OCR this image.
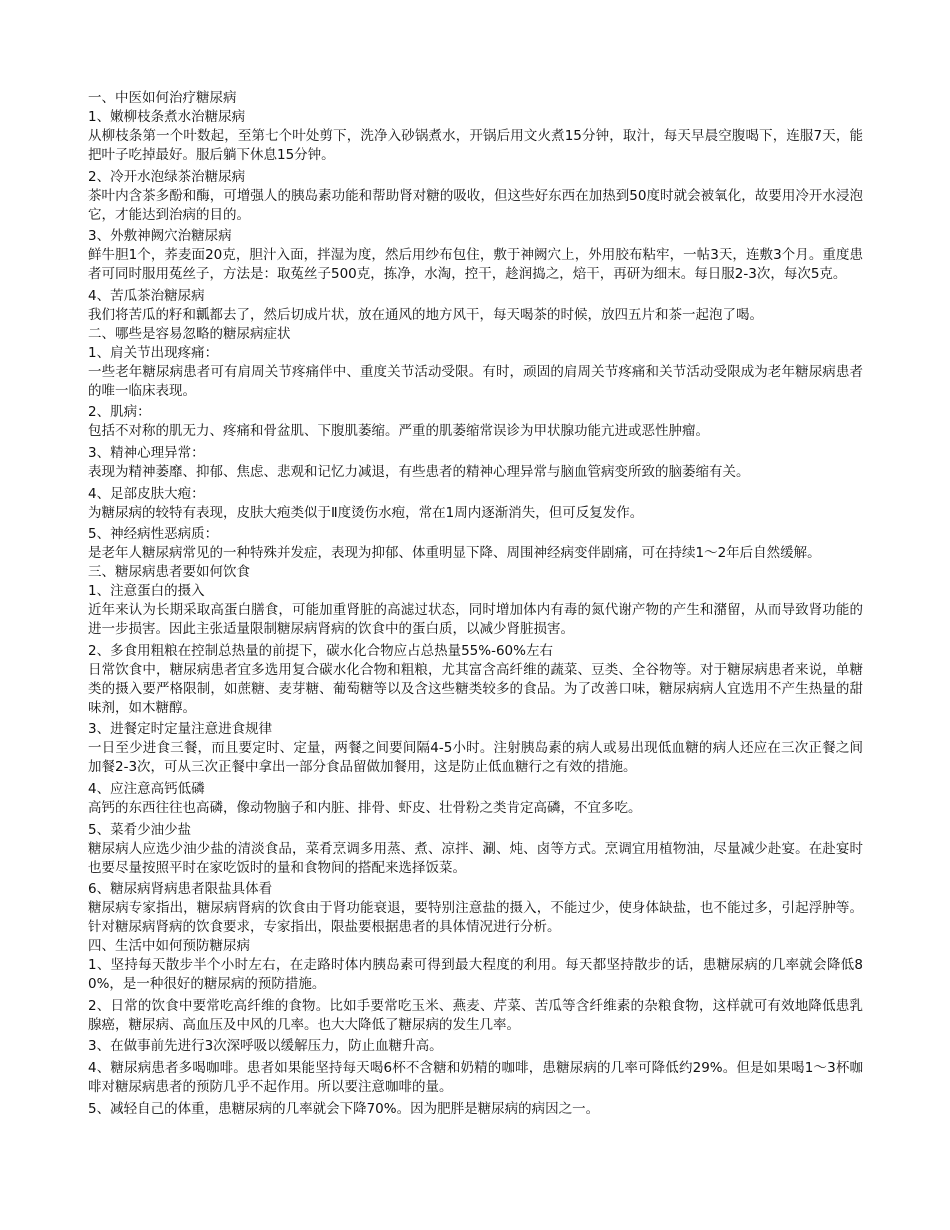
一、中医如何治疗糖尿病
1、嫩柳枝条煮水治糖尿病
从柳枝条第一个叶数起，至第七个叶处剪下，洗净入砂锅煮水，开锅后用文火煮15分钟，取汁，每天早晨空腹喝下，连服7天，能把叶子吃掉最好。服后躺下休息15分钟。
2、冷开水泡绿茶治糖尿病
茶叶内含茶多酚和酶，可增强人的胰岛素功能和帮助肾对糖的吸收，但这些好东西在加热到50度时就会被氧化，故要用冷开水浸泡它，才能达到治病的目的。
3、外敷神阙穴治糖尿病
鲜牛胆1个，荞麦面20克，胆汁入面，拌湿为度，然后用纱布包住，敷于神阙穴上，外用胶布粘牢，一帖3天，连敷3个月。重度患者可同时服用菟丝子，方法是：取菟丝子500克，拣净，水淘，控干，趁润捣之，焙干，再研为细末。每日服2-3次，每次5克。
4、苦瓜茶治糖尿病
我们将苦瓜的籽和瓤都去了，然后切成片状，放在通风的地方风干，每天喝茶的时候，放四五片和茶一起泡了喝。
二、哪些是容易忽略的糖尿病症状
1、肩关节出现疼痛：
一些老年糖尿病患者可有肩周关节疼痛伴中、重度关节活动受限。有时，顽固的肩周关节疼痛和关节活动受限成为老年糖尿病患者的唯一临床表现。
2、肌病：
包括不对称的肌无力、疼痛和骨盆肌、下腹肌萎缩。严重的肌萎缩常误诊为甲状腺功能亢进或恶性肿瘤。
3、精神心理异常：
表现为精神萎靡、抑郁、焦虑、悲观和记忆力减退，有些患者的精神心理异常与脑血管病变所致的脑萎缩有关。
4、足部皮肤大疱：
为糖尿病的较特有表现，皮肤大疱类似于Ⅱ度烫伤水疱，常在1周内逐渐消失，但可反复发作。
5、神经病性恶病质：
是老年人糖尿病常见的一种特殊并发症，表现为抑郁、体重明显下降、周围神经病变伴剧痛，可在持续1～2年后自然缓解。
三、糖尿病患者要如何饮食
1、注意蛋白的摄入
近年来认为长期采取高蛋白膳食，可能加重肾脏的高滤过状态，同时增加体内有毒的氮代谢产物的产生和潴留，从而导致肾功能的进一步损害。因此主张适量限制糖尿病肾病的饮食中的蛋白质，以减少肾脏损害。
2、多食用粗粮在控制总热量的前提下，碳水化合物应占总热量55%-60%左右
日常饮食中，糖尿病患者宜多选用复合碳水化合物和粗粮，尤其富含高纤维的蔬菜、豆类、全谷物等。对于糖尿病患者来说，单糖类的摄入要严格限制，如蔗糖、麦芽糖、葡萄糖等以及含这些糖类较多的食品。为了改善口味，糖尿病病人宜选用不产生热量的甜味剂，如木糖醇。
3、进餐定时定量注意进食规律
一日至少进食三餐，而且要定时、定量，两餐之间要间隔4-5小时。注射胰岛素的病人或易出现低血糖的病人还应在三次正餐之间加餐2-3次，可从三次正餐中拿出一部分食品留做加餐用，这是防止低血糖行之有效的措施。
4、应注意高钙低磷
高钙的东西往往也高磷，像动物脑子和内脏、排骨、虾皮、壮骨粉之类肯定高磷，不宜多吃。
5、菜肴少油少盐
糖尿病人应选少油少盐的清淡食品，菜肴烹调多用蒸、煮、凉拌、涮、炖、卤等方式。烹调宜用植物油，尽量减少赴宴。在赴宴时也要尽量按照平时在家吃饭时的量和食物间的搭配来选择饭菜。
6、糖尿病肾病患者限盐具体看
糖尿病专家指出，糖尿病肾病的饮食由于肾功能衰退，要特别注意盐的摄入，不能过少，使身体缺盐，也不能过多，引起浮肿等。针对糖尿病肾病的饮食要求，专家指出，限盐要根据患者的具体情况进行分析。
四、生活中如何预防糖尿病
1、坚持每天散步半个小时左右，在走路时体内胰岛素可得到最大程度的利用。每天都坚持散步的话，患糖尿病的几率就会降低80%，是一种很好的糖尿病的预防措施。
2、日常的饮食中要常吃高纤维的食物。比如手要常吃玉米、燕麦、芹菜、苦瓜等含纤维素的杂粮食物，这样就可有效地降低患乳腺癌，糖尿病、高血压及中风的几率。也大大降低了糖尿病的发生几率。
3、在做事前先进行3次深呼吸以缓解压力，防止血糖升高。
4、糖尿病患者多喝咖啡。患者如果能坚持每天喝6杯不含糖和奶精的咖啡，患糖尿病的几率可降低约29%。但是如果喝1～3杯咖啡对糖尿病患者的预防几乎不起作用。所以要注意咖啡的量。
5、减轻自己的体重，患糖尿病的几率就会下降70%。因为肥胖是糖尿病的病因之一。
